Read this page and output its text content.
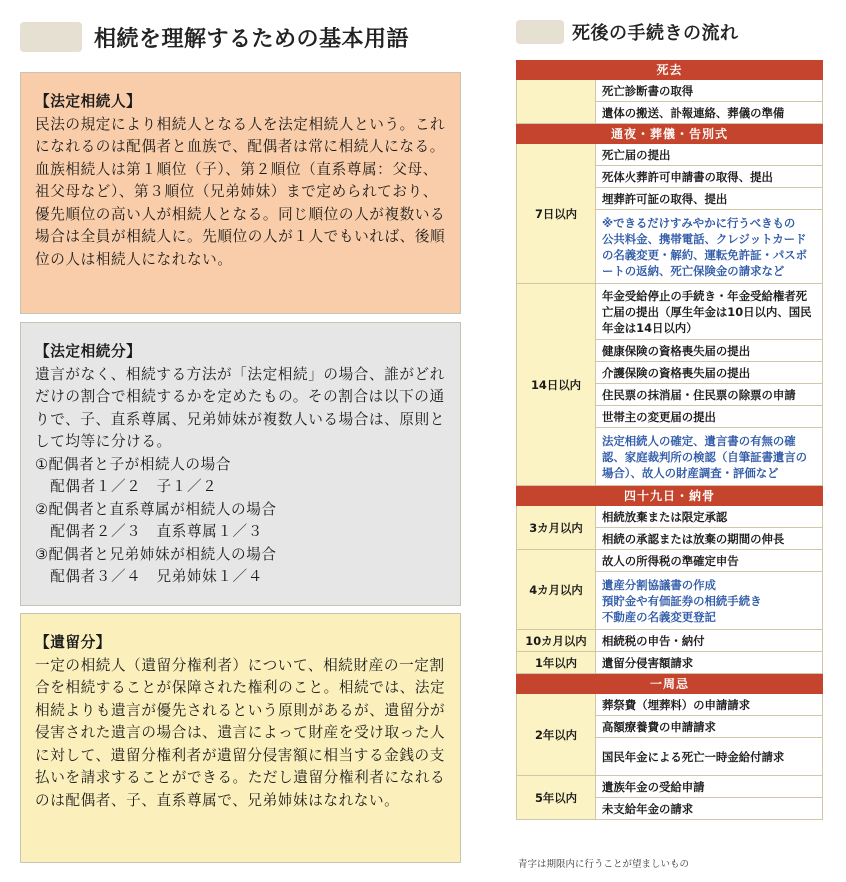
相続を理解するための基本用語
【法定相続人】

民法の規定により相続人となる人を法定相続人という。これになれるのは配偶者と血族で、配偶者は常に相続人になる。血族相続人は第１順位（子）、第２順位（直系尊属：父母、祖父母など）、第３順位（兄弟姉妹）まで定められており、優先順位の高い人が相続人となる。同じ順位の人が複数いる場合は全員が相続人に。先順位の人が１人でもいれば、後順位の人は相続人になれない。

【法定相続分】

遺言がなく、相続する方法が「法定相続」の場合、誰がどれだけの割合で相続するかを定めたもの。その割合は以下の通りで、子、直系尊属、兄弟姉妹が複数人いる場合は、原則として均等に分ける。

①配偶者と子が相続人の場合
　配偶者１／２　子１／２
②配偶者と直系尊属が相続人の場合
　配偶者２／３　直系尊属１／３
③配偶者と兄弟姉妹が相続人の場合
　配偶者３／４　兄弟姉妹１／４
【遺留分】

一定の相続人（遺留分権利者）について、相続財産の一定割合を相続することが保障された権利のこと。相続では、法定相続よりも遺言が優先されるという原則があるが、遺留分が侵害された遺言の場合は、遺言によって財産を受け取った人に対して、遺留分権利者が遺留分侵害額に相当する金銭の支払いを請求することができる。ただし遺留分権利者になれるのは配偶者、子、直系尊属で、兄弟姉妹はなれない。

死後の手続きの流れ
死去
死亡診断書の取得
遺体の搬送、訃報連絡、葬儀の準備
通夜・葬儀・告別式
7日以内
死亡届の提出
死体火葬許可申請書の取得、提出
埋葬許可証の取得、提出
※できるだけすみやかに行うべきもの
公共料金、携帯電話、クレジットカードの名義変更・解約、運転免許証・パスポートの返納、死亡保険金の請求など
14日以内
年金受給停止の手続き・年金受給権者死亡届の提出（厚生年金は10日以内、国民年金は14日以内）
健康保険の資格喪失届の提出
介護保険の資格喪失届の提出
住民票の抹消届・住民票の除票の申請
世帯主の変更届の提出
法定相続人の確定、遺言書の有無の確認、家庭裁判所の検認（自筆証書遺言の場合）、故人の財産調査・評価など
四十九日・納骨
3カ月以内
相続放棄または限定承認
相続の承認または放棄の期間の伸長
4カ月以内
故人の所得税の準確定申告
遺産分割協議書の作成
預貯金や有価証券の相続手続き
不動産の名義変更登記
10カ月以内	相続税の申告・納付
1年以内	遺留分侵害額請求
一周忌
2年以内
葬祭費（埋葬料）の申請請求
高額療養費の申請請求
国民年金による死亡一時金給付請求
5年以内
遺族年金の受給申請
未支給年金の請求
青字は期限内に行うことが望ましいもの
